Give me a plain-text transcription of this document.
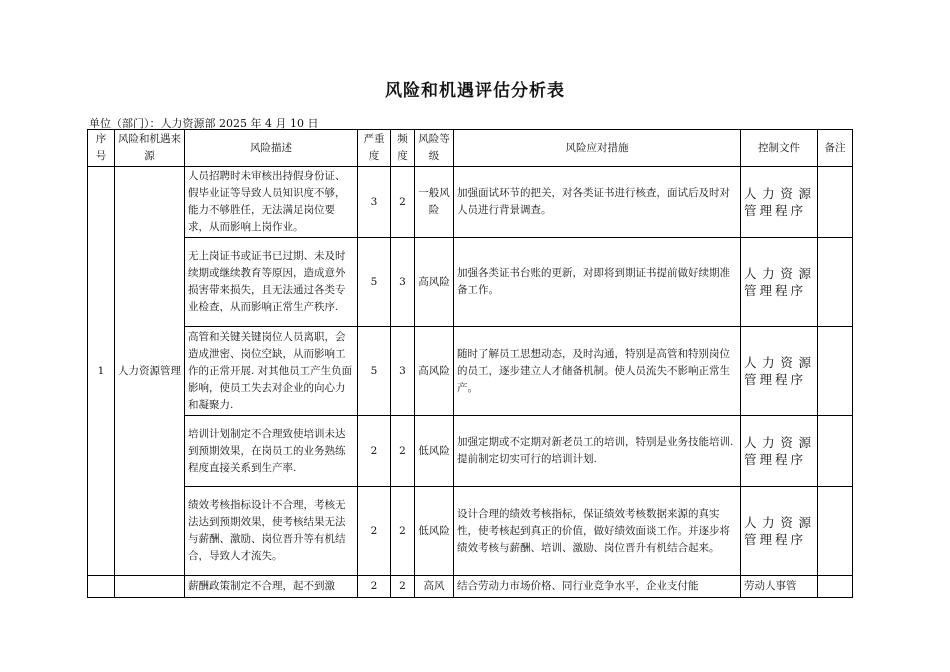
风险和机遇评估分析表
单位（部门）：人力资源部 2025 年 4 月 10 日
序号	风险和机遇来源	风险描述	严重度	频度	风险等级	风险应对措施	控制文件	备注
1	人力资源管理	人员招聘时未审核出持假身份证、假毕业证等导致人员知识度不够，能力不够胜任，无法满足岗位要求，从而影响上岗作业。	3	2	一般风险	加强面试环节的把关，对各类证书进行核查，面试后及时对人员进行背景调查。	人力资源管理程序	
		无上岗证书或证书已过期、未及时续期或继续教育等原因，造成意外损害带来损失，且无法通过各类专业检查，从而影响正常生产秩序.	5	3	高风险	加强各类证书台账的更新，对即将到期证书提前做好续期准备工作。	人力资源管理程序	
		高管和关键关键岗位人员离职，会造成泄密、岗位空缺，从而影响工作的正常开展. 对其他员工产生负面影响，使员工失去对企业的向心力和凝聚力.	5	3	高风险	随时了解员工思想动态，及时沟通，特别是高管和特别岗位的员工，逐步建立人才储备机制。使人员流失不影响正常生产。	人力资源管理程序	
		培训计划制定不合理致使培训未达到预期效果，在岗员工的业务熟练程度直接关系到生产率.	2	2	低风险	加强定期或不定期对新老员工的培训，特别是业务技能培训. 提前制定切实可行的培训计划.	人力资源管理程序	
		绩效考核指标设计不合理，考核无法达到预期效果，使考核结果无法与薪酬、激励、岗位晋升等有机结合，导致人才流失。	2	2	低风险	设计合理的绩效考核指标，保证绩效考核数据来源的真实性，使考核起到真正的价值，做好绩效面谈工作。并逐步将绩效考核与薪酬、培训、激励、岗位晋升有机结合起来。	人力资源管理程序	
		薪酬政策制定不合理，起不到激	2	2	高风	结合劳动力市场价格、同行业竞争水平，企业支付能	劳动人事管	
